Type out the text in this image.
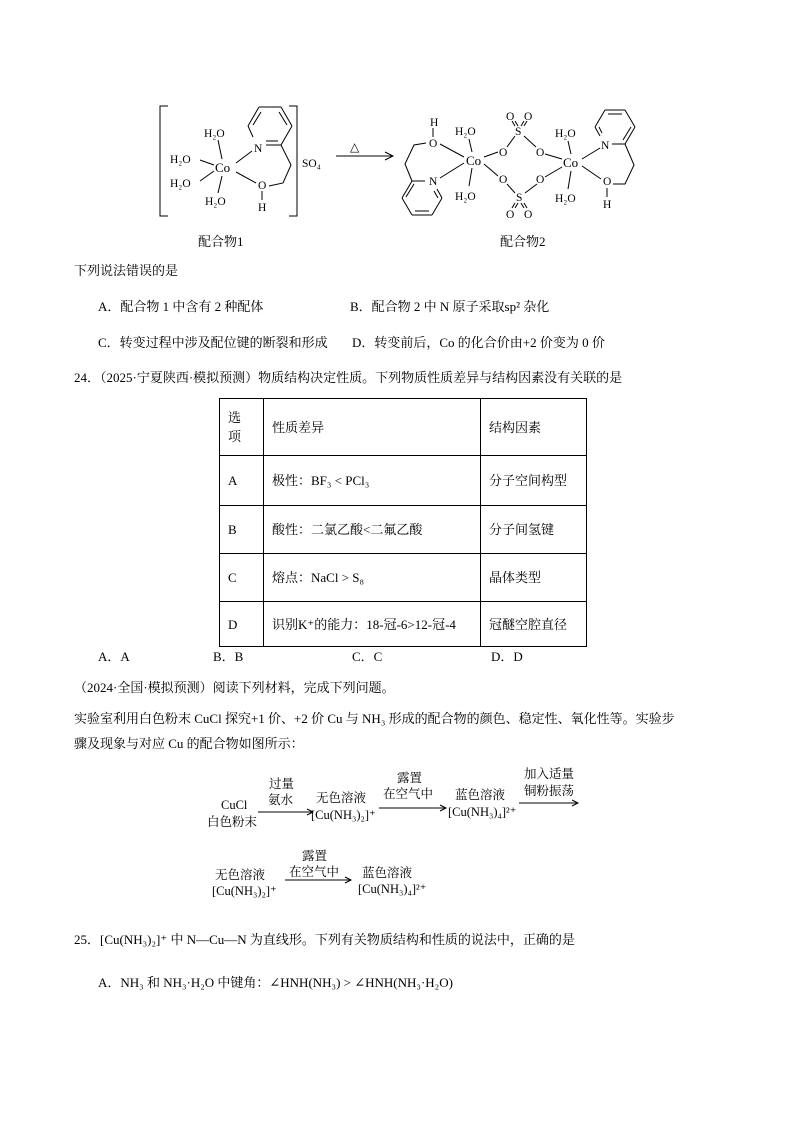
Co
H₂O
H₂O
H₂O
H₂O
N
O
H
SO₄
配合物1
△
Co	Co
H₂O
H₂O
H₂O
H₂O
O
H
N
O O
O O
S
O O
S
O O
N
O
H
配合物2
下列说法错误的是
A．配合物 1 中含有 2 种配体	B．配合物 2 中 N 原子采取sp² 杂化
C．转变过程中涉及配位键的断裂和形成 D．转变前后，Co 的化合价由+2 价变为 0 价
24．（2025·宁夏陕西·模拟预测）物质结构决定性质。下列物质性质差异与结构因素没有关联的是
选项	性质差异	结构因素
A	极性：BF₃ < PCl₃	分子空间构型
B	酸性：二氯乙酸<二氟乙酸	分子间氢键
C	熔点：NaCl > S₈	晶体类型
D	识别K⁺的能力：18-冠-6>12-冠-4	冠醚空腔直径
A．A	B．B	C．C	D．D
（2024·全国·模拟预测）阅读下列材料，完成下列问题。
实验室利用白色粉末 CuCl 探究+1 价、+2 价 Cu 与 NH₃ 形成的配合物的颜色、稳定性、氧化性等。实验步
骤及现象与对应 Cu 的配合物如图所示：
CuCl
白色粉末
过量
氨水 无色溶液
[Cu(NH₃)₂]⁺
露置
在空气中 蓝色溶液
[Cu(NH₃)₄]²⁺
加入适量
铜粉振荡
无色溶液
[Cu(NH₃)₂]⁺
露置
在空气中 蓝色溶液
[Cu(NH₃)₄]²⁺
25．[Cu(NH₃)₂]⁺ 中 N—Cu—N 为直线形。下列有关物质结构和性质的说法中，正确的是
A．NH₃ 和 NH₃·H₂O 中键角：∠HNH(NH₃) > ∠HNH(NH₃·H₂O)
